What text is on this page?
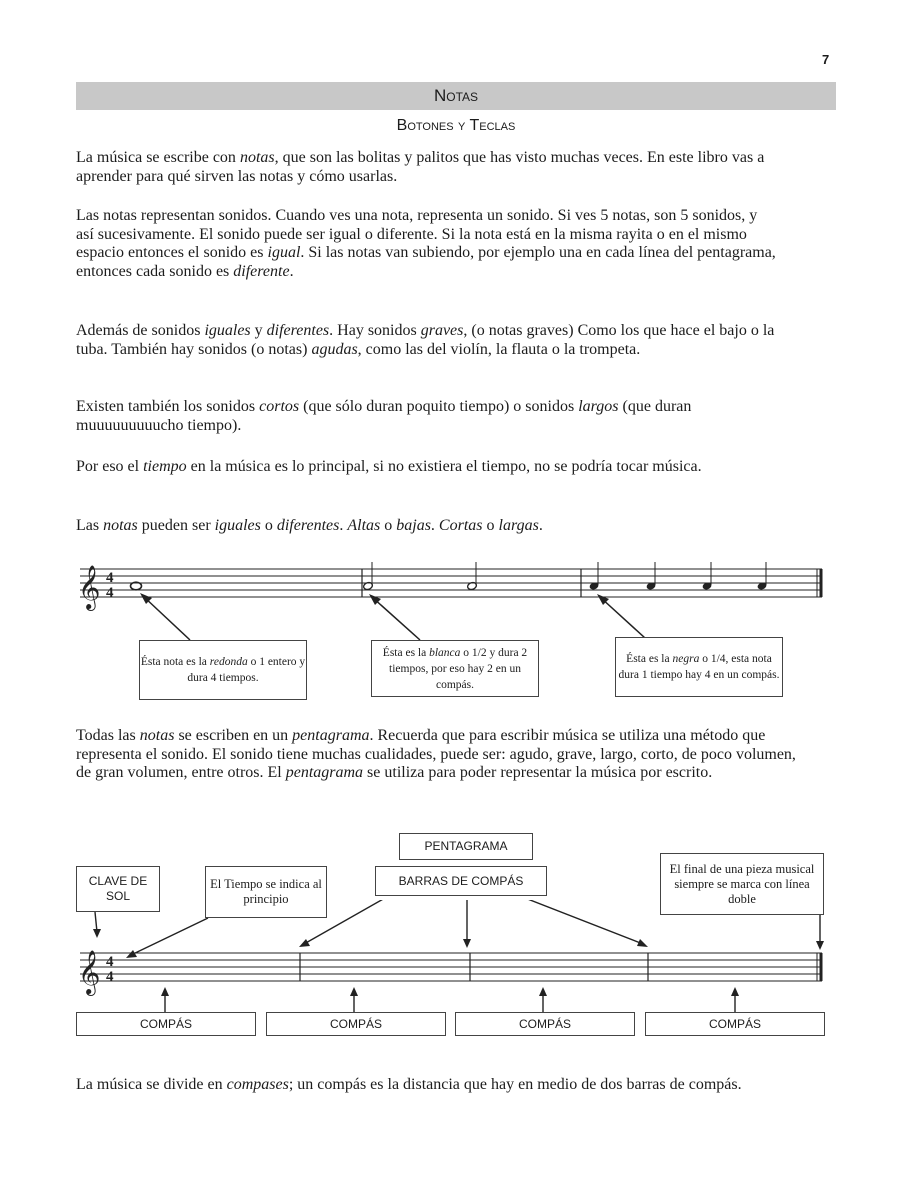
7
Notas
Botones y Teclas
La música se escribe con notas, que son las bolitas y palitos que has visto muchas veces. En este libro vas a aprender para qué sirven las notas y cómo usarlas.
Las notas representan sonidos. Cuando ves una nota, representa un sonido. Si ves 5 notas, son 5 sonidos, y así sucesivamente. El sonido puede ser igual o diferente. Si la nota está en la misma rayita o en el mismo espacio entonces el sonido es igual. Si las notas van subiendo, por ejemplo una en cada línea del pentagrama, entonces cada sonido es diferente.
Además de sonidos iguales y diferentes. Hay sonidos graves, (o notas graves) Como los que hace el bajo o la tuba. También hay sonidos (o notas) agudas, como las del violín, la flauta o la trompeta.
Existen también los sonidos cortos (que sólo duran poquito tiempo) o sonidos largos (que duran muuuuuuuuucho tiempo).
Por eso el tiempo en la música es lo principal, si no existiera el tiempo, no se podría tocar música.
Las notas pueden ser iguales o diferentes. Altas o bajas. Cortas o largas.
𝄞 4
4
Ésta nota es la redonda o 1 entero y dura 4 tiempos.
Ésta es la blanca o 1/2 y dura 2 tiempos, por eso hay 2 en un compás.
Ésta es la negra o 1/4, esta nota dura 1 tiempo hay 4 en un compás.
Todas las notas se escriben en un pentagrama. Recuerda que para escribir música se utiliza una método que representa el sonido. El sonido tiene muchas cualidades, puede ser: agudo, grave, largo, corto, de poco volumen, de gran volumen, entre otros. El pentagrama se utiliza para poder representar la música por escrito.
𝄞 4
4
CLAVE DE SOL
El Tiempo se indica al principio
PENTAGRAMA
BARRAS DE COMPÁS
El final de una pieza musical siempre se marca con línea doble
COMPÁS	COMPÁS	COMPÁS	COMPÁS
La música se divide en compases; un compás es la distancia que hay en medio de dos barras de compás.
